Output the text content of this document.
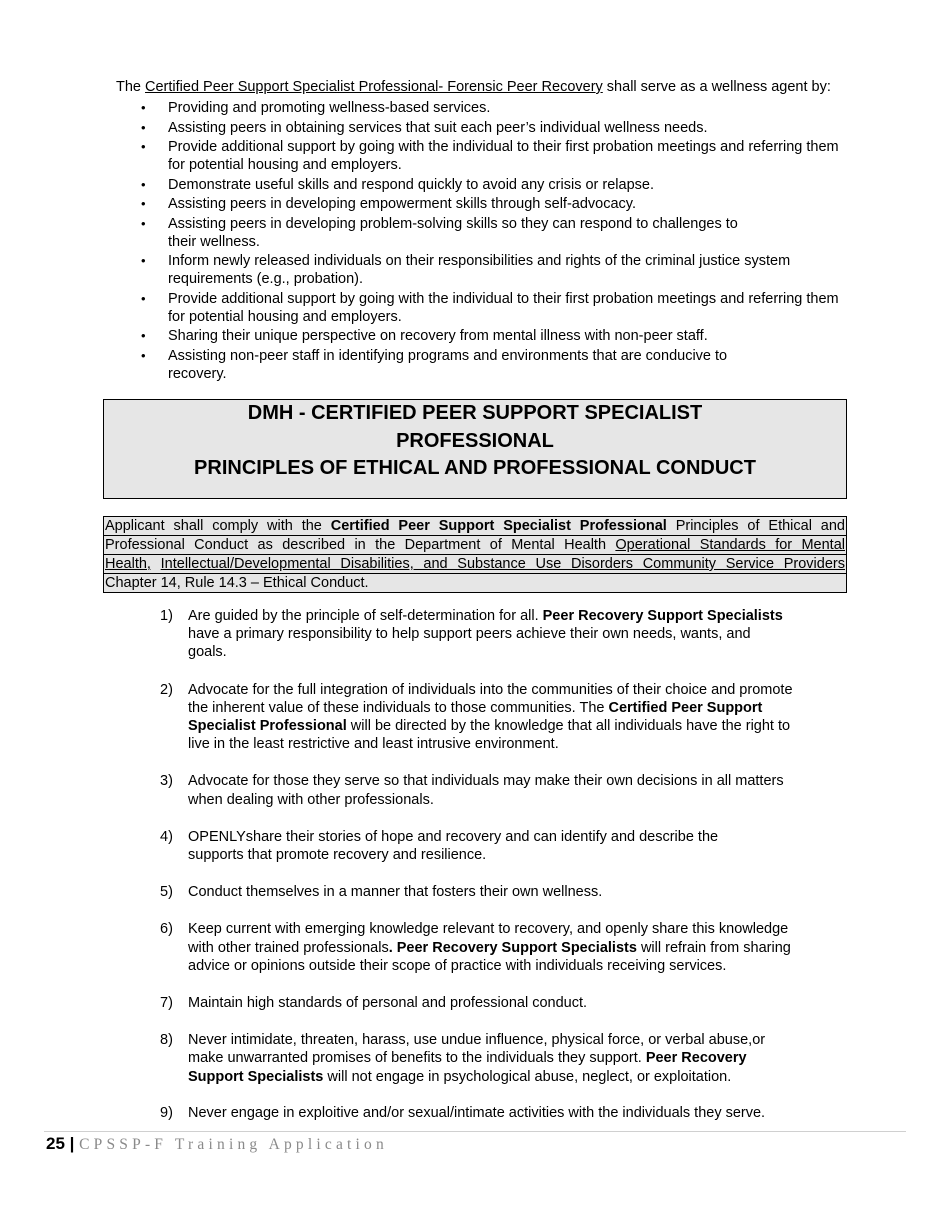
The Certified Peer Support Specialist Professional- Forensic Peer Recovery shall serve as a wellness agent by:
• Providing and promoting wellness-based services.
• Assisting peers in obtaining services that suit each peer’s individual wellness needs.
• Provide additional support by going with the individual to their first probation meetings and referring them
for potential housing and employers.
• Demonstrate useful skills and respond quickly to avoid any crisis or relapse.
• Assisting peers in developing empowerment skills through self-advocacy.
• Assisting peers in developing problem-solving skills so they can respond to challenges to
their wellness.
• Inform newly released individuals on their responsibilities and rights of the criminal justice system
requirements (e.g., probation).
• Provide additional support by going with the individual to their first probation meetings and referring them
for potential housing and employers.
• Sharing their unique perspective on recovery from mental illness with non-peer staff.
• Assisting non-peer staff in identifying programs and environments that are conducive to
recovery.
DMH - CERTIFIED PEER SUPPORT SPECIALIST
PROFESSIONAL
PRINCIPLES OF ETHICAL AND PROFESSIONAL CONDUCT
Applicant shall comply with the Certified Peer Support Specialist Professional Principles of Ethical and
Professional Conduct as described in the Department of Mental Health Operational Standards for Mental
Health, Intellectual/Developmental Disabilities, and Substance Use Disorders Community Service Providers
Chapter 14, Rule 14.3 – Ethical Conduct.
1) Are guided by the principle of self-determination for all. Peer Recovery Support Specialists
have a primary responsibility to help support peers achieve their own needs, wants, and
goals.
2) Advocate for the full integration of individuals into the communities of their choice and promote
the inherent value of these individuals to those communities. The Certified Peer Support
Specialist Professional will be directed by the knowledge that all individuals have the right to
live in the least restrictive and least intrusive environment.
3) Advocate for those they serve so that individuals may make their own decisions in all matters
when dealing with other professionals.
4) OPENLYshare their stories of hope and recovery and can identify and describe the
supports that promote recovery and resilience.
5) Conduct themselves in a manner that fosters their own wellness.
6) Keep current with emerging knowledge relevant to recovery, and openly share this knowledge
with other trained professionals. Peer Recovery Support Specialists will refrain from sharing
advice or opinions outside their scope of practice with individuals receiving services.
7) Maintain high standards of personal and professional conduct.
8) Never intimidate, threaten, harass, use undue influence, physical force, or verbal abuse,or
make unwarranted promises of benefits to the individuals they support. Peer Recovery
Support Specialists will not engage in psychological abuse, neglect, or exploitation.
9) Never engage in exploitive and/or sexual/intimate activities with the individuals they serve.
25 | CPSSP-F Training Application
